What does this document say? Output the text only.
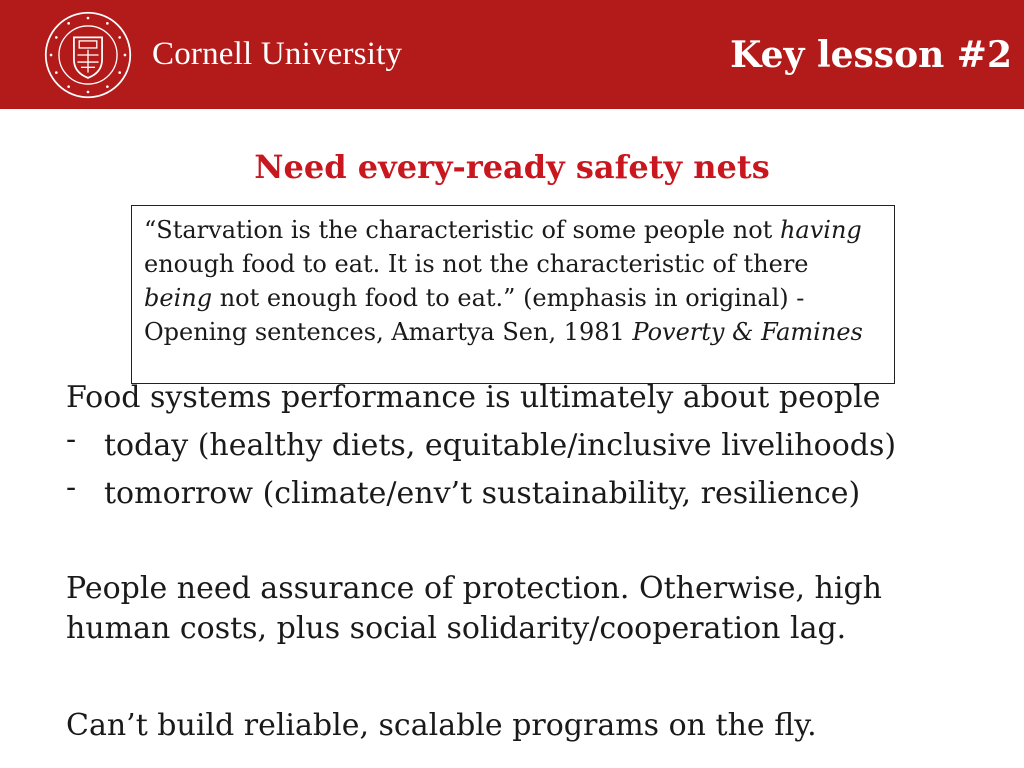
Cornell University	Key lesson #2
Need every-ready safety nets

“Starvation is the characteristic of some people not having enough food to eat. It is not the characteristic of there being not enough food to eat.” (emphasis in original) - Opening sentences, Amartya Sen, 1981 Poverty & Famines

Food systems performance is ultimately about people
- today (healthy diets, equitable/inclusive livelihoods)
- tomorrow (climate/env’t sustainability, resilience)
People need assurance of protection. Otherwise, high human costs, plus social solidarity/cooperation lag.
Can’t build reliable, scalable programs on the fly.
